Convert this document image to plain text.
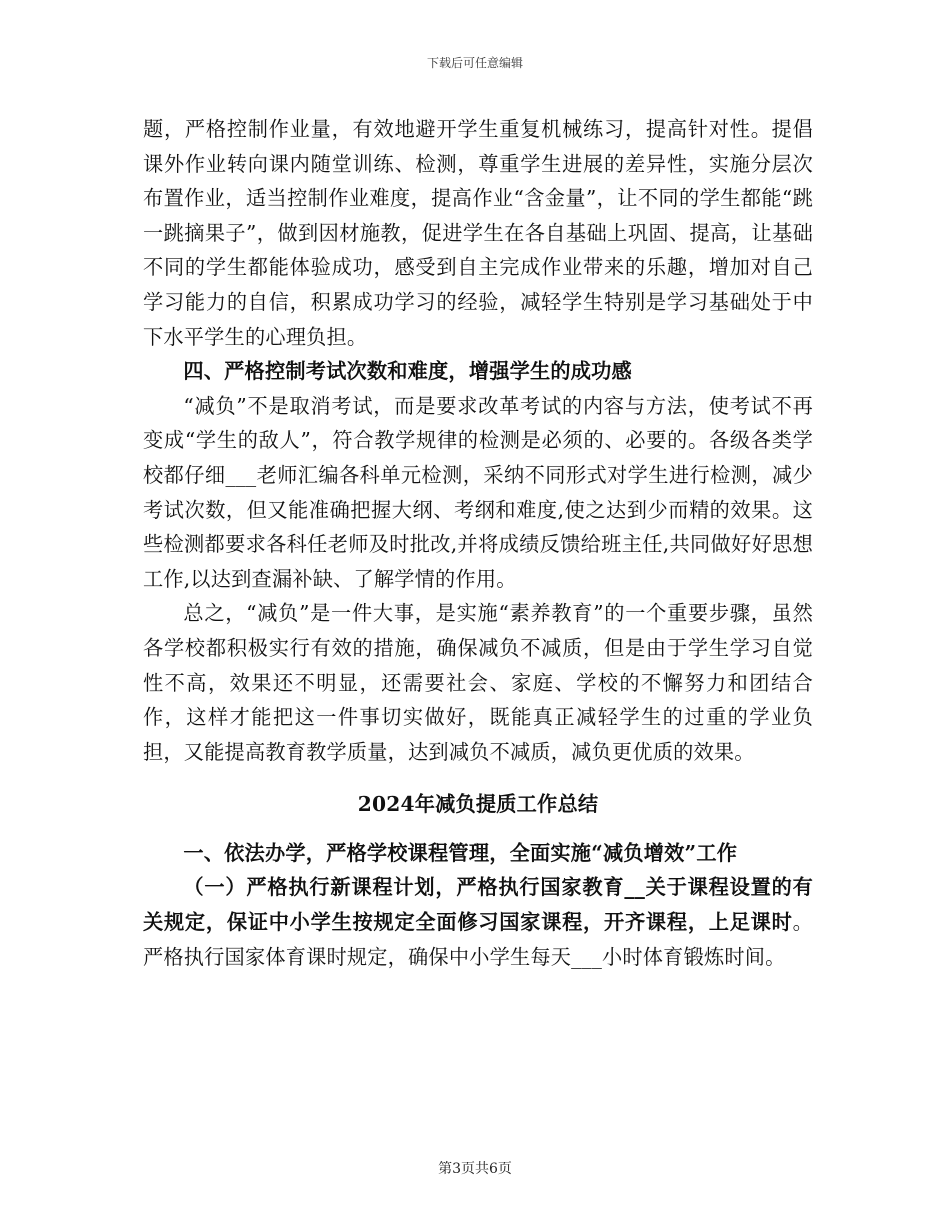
下载后可任意编辑

题，严格控制作业量，有效地避开学生重复机械练习，提高针对性。提倡课外作业转向课内随堂训练、检测，尊重学生进展的差异性，实施分层次布置作业，适当控制作业难度，提高作业“含金量”，让不同的学生都能“跳一跳摘果子”，做到因材施教，促进学生在各自基础上巩固、提高，让基础不同的学生都能体验成功，感受到自主完成作业带来的乐趣，增加对自己学习能力的自信，积累成功学习的经验，减轻学生特别是学习基础处于中下水平学生的心理负担。

四、严格控制考试次数和难度，增强学生的成功感

“减负”不是取消考试，而是要求改革考试的内容与方法，使考试不再变成“学生的敌人”，符合教学规律的检测是必须的、必要的。各级各类学校都仔细___老师汇编各科单元检测，采纳不同形式对学生进行检测，减少考试次数，但又能准确把握大纲、考纲和难度,使之达到少而精的效果。这些检测都要求各科任老师及时批改,并将成绩反馈给班主任,共同做好好思想工作,以达到查漏补缺、了解学情的作用。

总之，“减负”是一件大事，是实施“素养教育”的一个重要步骤，虽然各学校都积极实行有效的措施，确保减负不减质，但是由于学生学习自觉性不高，效果还不明显，还需要社会、家庭、学校的不懈努力和团结合作，这样才能把这一件事切实做好，既能真正减轻学生的过重的学业负担，又能提高教育教学质量，达到减负不减质，减负更优质的效果。

2024年减负提质工作总结

一、依法办学，严格学校课程管理，全面实施“减负增效”工作

（一）严格执行新课程计划，严格执行国家教育__关于课程设置的有关规定，保证中小学生按规定全面修习国家课程，开齐课程，上足课时。严格执行国家体育课时规定，确保中小学生每天___小时体育锻炼时间。

第3页共6页
